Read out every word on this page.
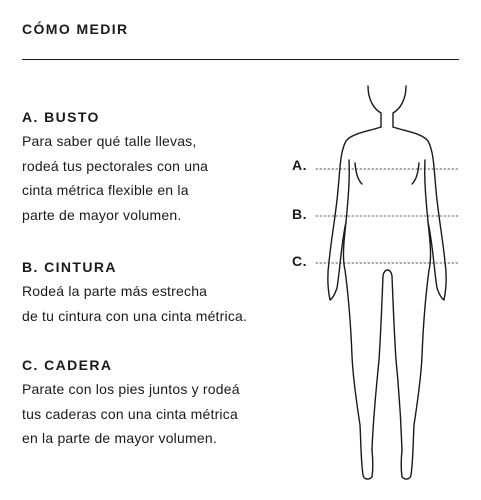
CÓMO MEDIR
A. BUSTO

Para saber qué talle llevas,
rodeá tus pectorales con una
cinta métrica flexible en la
parte de mayor volumen.

B. CINTURA

Rodeá la parte más estrecha
de tu cintura con una cinta métrica.

C. CADERA

Parate con los pies juntos y rodeá
tus caderas con una cinta métrica
en la parte de mayor volumen.

A.
B.
C.
